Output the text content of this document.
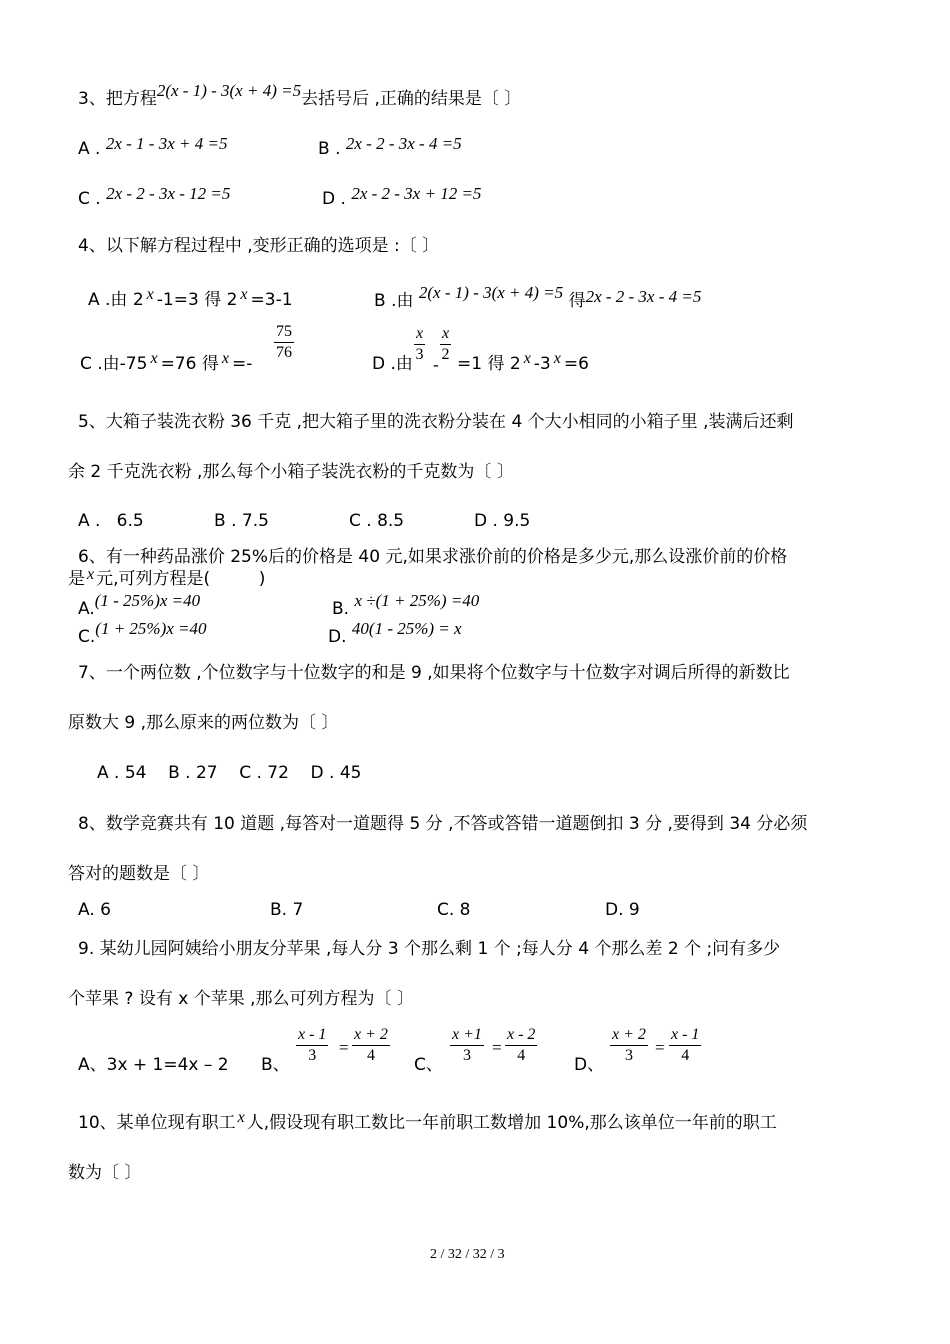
3、把方程2(x - 1) - 3(x + 4) =5去括号后 ,正确的结果是〔 〕
A . 2x - 1 - 3x + 4 =5	B . 2x - 2 - 3x - 4 =5
C . 2x - 2 - 3x - 12 =5	D . 2x - 2 - 3x + 12 =5
4、以下解方程过程中 ,变形正确的选项是 :〔 〕
A .由 2 x -1=3 得 2 x =3-1	B .由 2(x - 1) - 3(x + 4) =5 得2x - 2 - 3x - 4 =5
C .由-75 x =76 得 x =-
$\frac{75}{76}$
D .由 $\frac{x}{3}$
-
$\frac{x}{2} =1$ 得 2 x -3 x =6
5、大箱子装洗衣粉 36 千克 ,把大箱子里的洗衣粉分装在 4 个大小相同的小箱子里 ,装满后还剩
余 2 千克洗衣粉 ,那么每个小箱子装洗衣粉的千克数为〔 〕
A .   6.5	B . 7.5	C . 8.5	D . 9.5
6、有一种药品涨价 25%后的价格是 40 元,如果求涨价前的价格是多少元,那么设涨价前的价格
是 x 元,可列方程是(         )
A.(1 - 25%)x =40	B. x ÷(1 + 25%) =40
C.(1 + 25%)x =40	D. 40(1 - 25%) = x
7、一个两位数 ,个位数字与十位数字的和是 9 ,如果将个位数字与十位数字对调后所得的新数比
原数大 9 ,那么原来的两位数为〔 〕
A . 54    B . 27    C . 72    D . 45
8、数学竞赛共有 10 道题 ,每答对一道题得 5 分 ,不答或答错一道题倒扣 3 分 ,要得到 34 分必须
答对的题数是〔 〕
A. 6	B. 7	C. 8	D. 9
9. 某幼儿园阿姨给小朋友分苹果 ,每人分 3 个那么剩 1 个 ;每人分 4 个那么差 2 个 ;问有多少
个苹果 ? 设有 x 个苹果 ,那么可列方程为〔 〕
A、3x + 1=4x – 2 B、 $\frac{x - 1}{3} = \frac{x + 2}{4}$ C、 $\frac{x +1}{3} = \frac{x - 2}{4}$ D、 $\frac{x + 2}{3} = \frac{x - 1}{4}$
10、某单位现有职工 x 人,假设现有职工数比一年前职工数增加 10%,那么该单位一年前的职工
数为〔 〕
2 / 32 / 32 / 3
